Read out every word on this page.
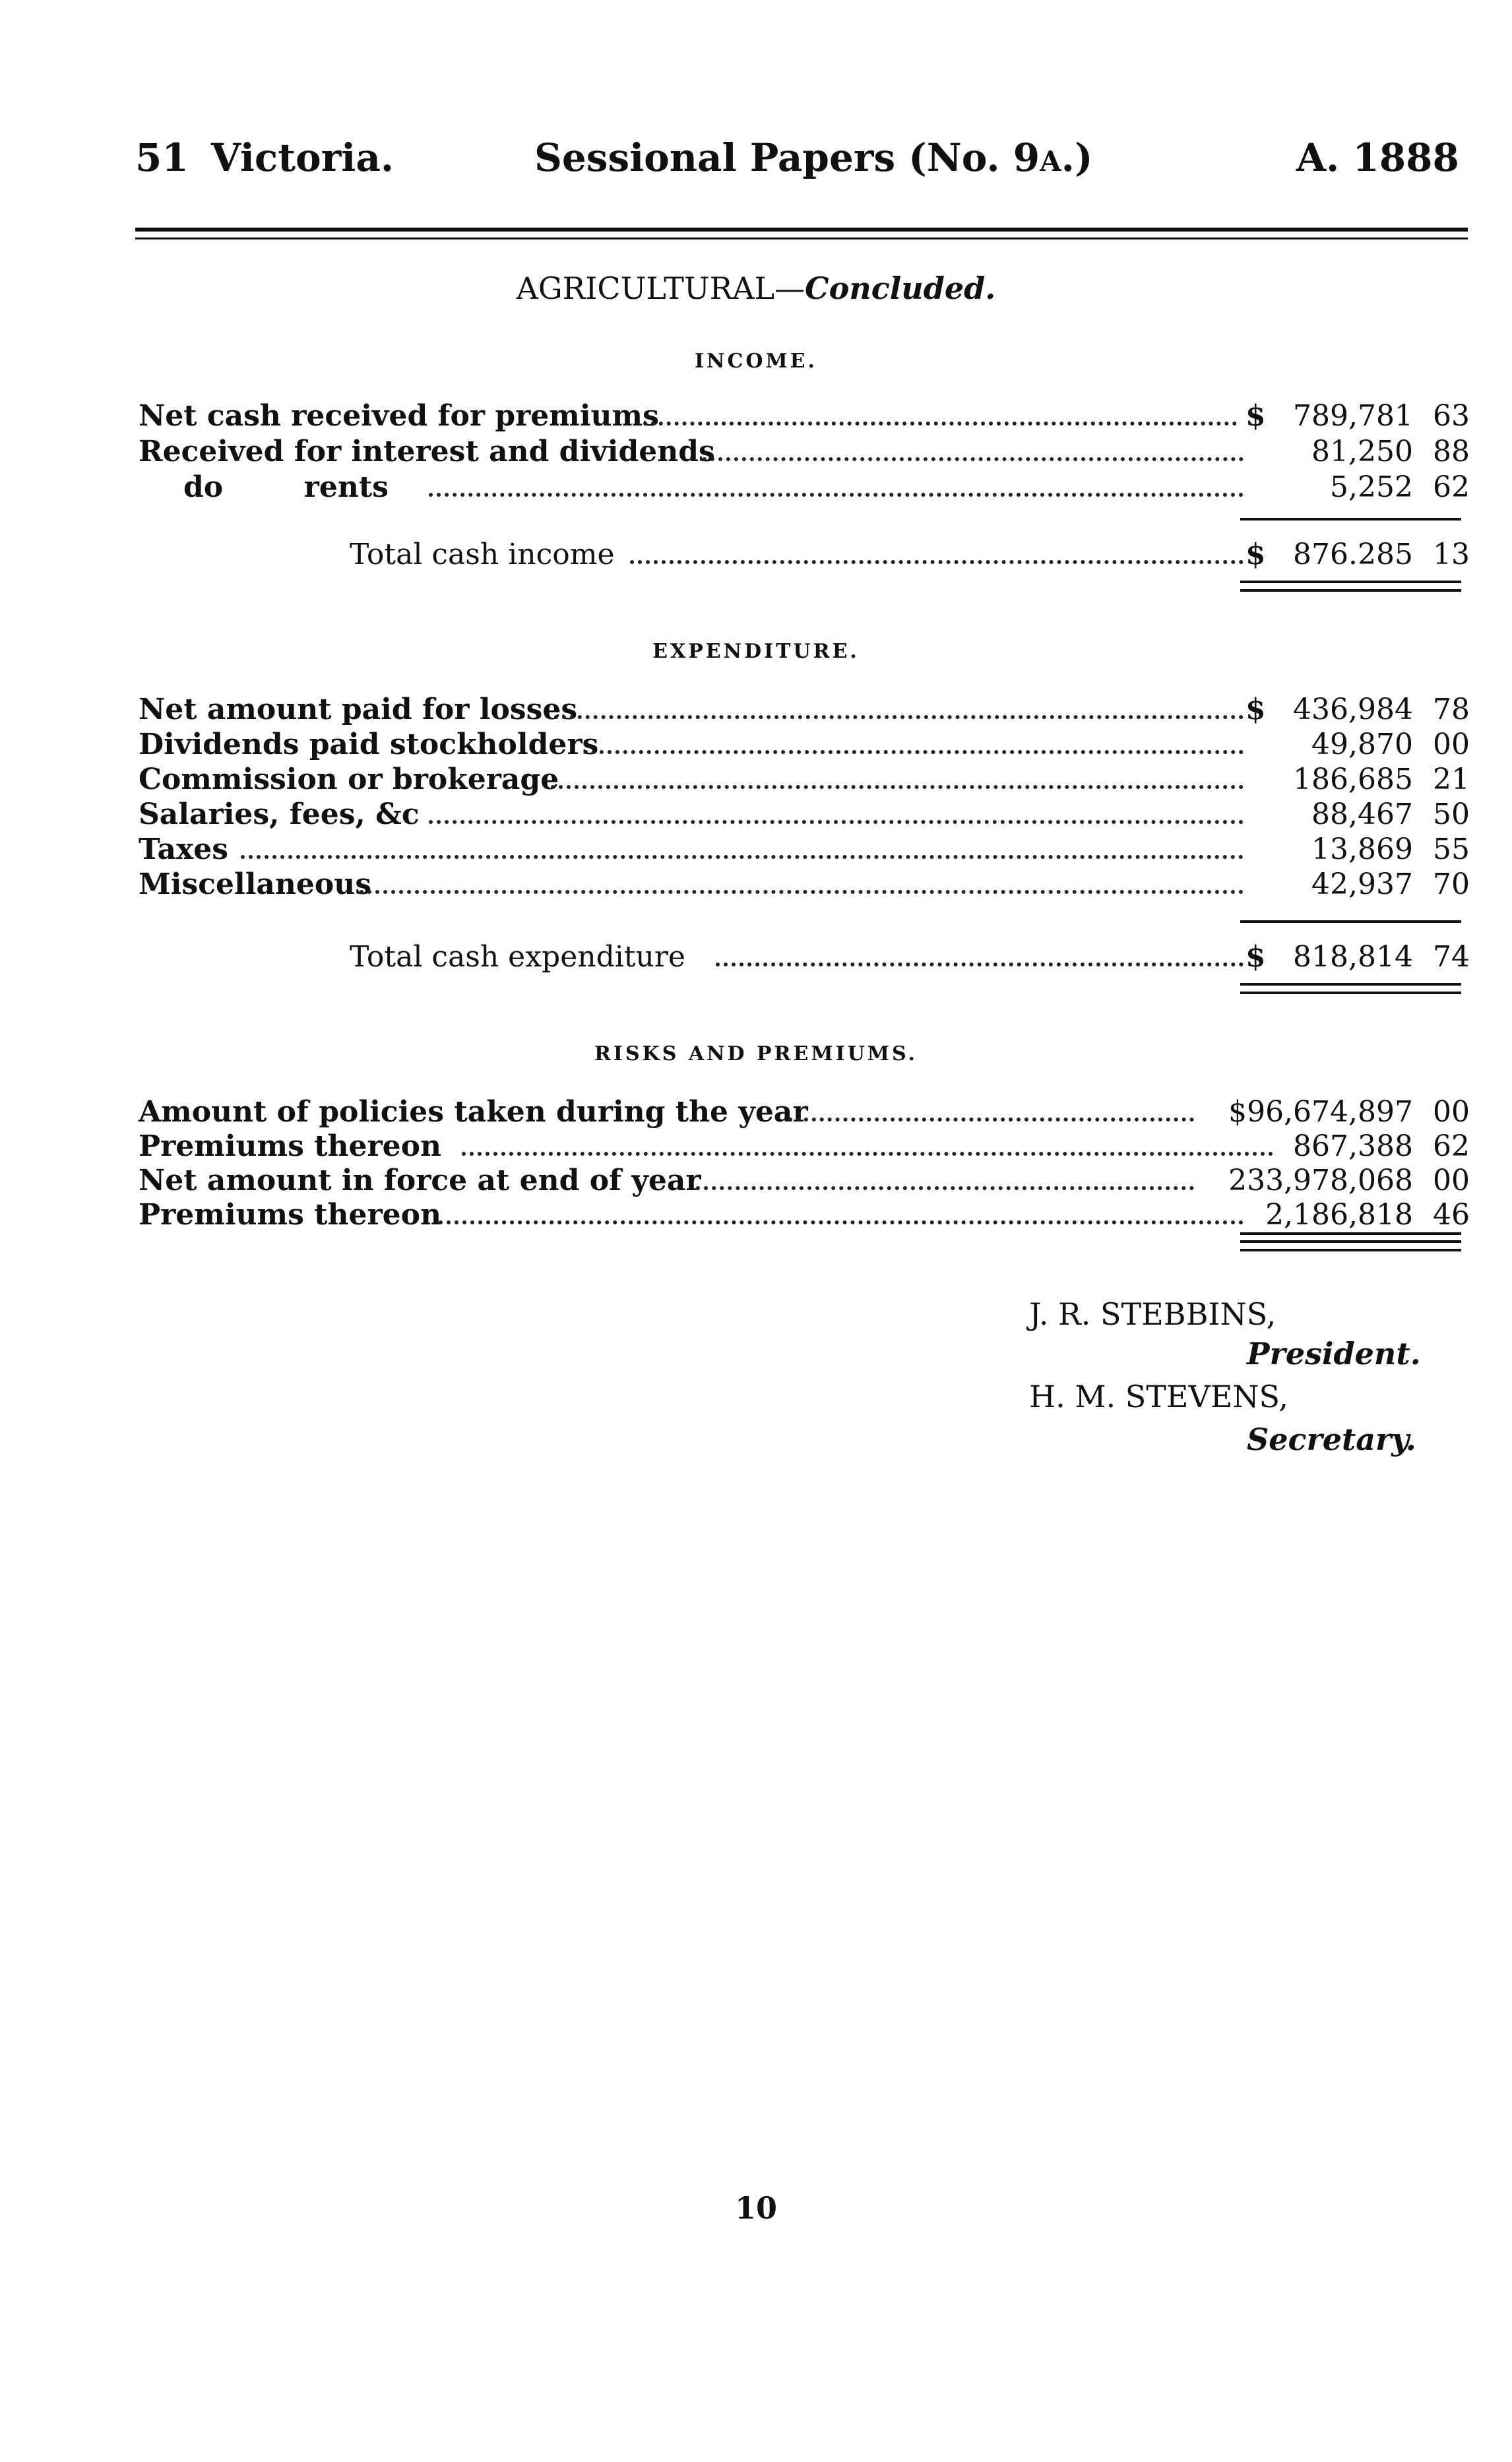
51 Victoria.	Sessional Papers (No. 9A.)	A. 1888
AGRICULTURAL—Concluded.
INCOME.
Net cash received for premiums	$ 789,781 63
Received for interest and dividends	81,250 88
do        rents	5,252 62
Total cash income	$ 876.285 13
EXPENDITURE.
Net amount paid for losses	$ 436,984 78
Dividends paid stockholders	49,870 00
Commission or brokerage	186,685 21
Salaries, fees, &c	88,467 50
Taxes	13,869 55
Miscellaneous	42,937 70
Total cash expenditure	$ 818,814 74
RISKS AND PREMIUMS.
Amount of policies taken during the year	$96,674,897 00
Premiums thereon	867,388 62
Net amount in force at end of year	233,978,068 00
Premiums thereon	2,186,818 46
J. R. STEBBINS,
President.
H. M. STEVENS,
Secretary.
10
